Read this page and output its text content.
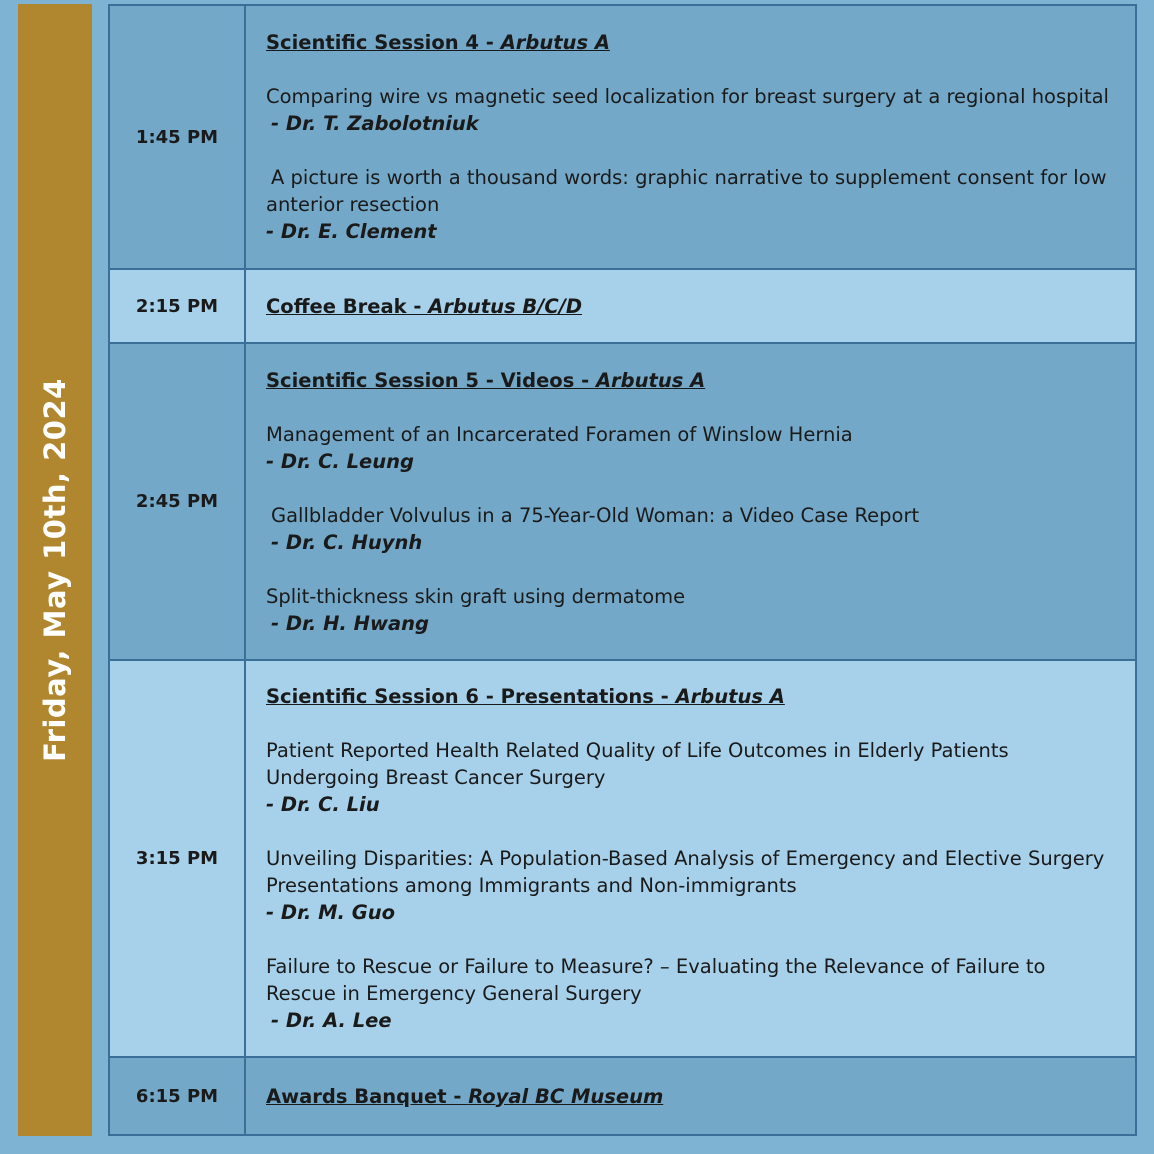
Friday, May 10th, 2024
1:45 PM
Scientific Session 4 - Arbutus A
Comparing wire vs magnetic seed localization for breast surgery at a regional hospital
- Dr. T. Zabolotniuk
A picture is worth a thousand words: graphic narrative to supplement consent for low anterior resection
- Dr. E. Clement
2:15 PM	Coffee Break - Arbutus B/C/D
2:45 PM
Scientific Session 5 - Videos - Arbutus A
Management of an Incarcerated Foramen of Winslow Hernia
- Dr. C. Leung
Gallbladder Volvulus in a 75-Year-Old Woman: a Video Case Report
- Dr. C. Huynh
Split-thickness skin graft using dermatome
- Dr. H. Hwang
3:15 PM
Scientific Session 6 - Presentations - Arbutus A
Patient Reported Health Related Quality of Life Outcomes in Elderly Patients Undergoing Breast Cancer Surgery
- Dr. C. Liu
Unveiling Disparities: A Population-Based Analysis of Emergency and Elective Surgery Presentations among Immigrants and Non-immigrants
- Dr. M. Guo
Failure to Rescue or Failure to Measure? – Evaluating the Relevance of Failure to Rescue in Emergency General Surgery
- Dr. A. Lee
6:15 PM	Awards Banquet - Royal BC Museum
